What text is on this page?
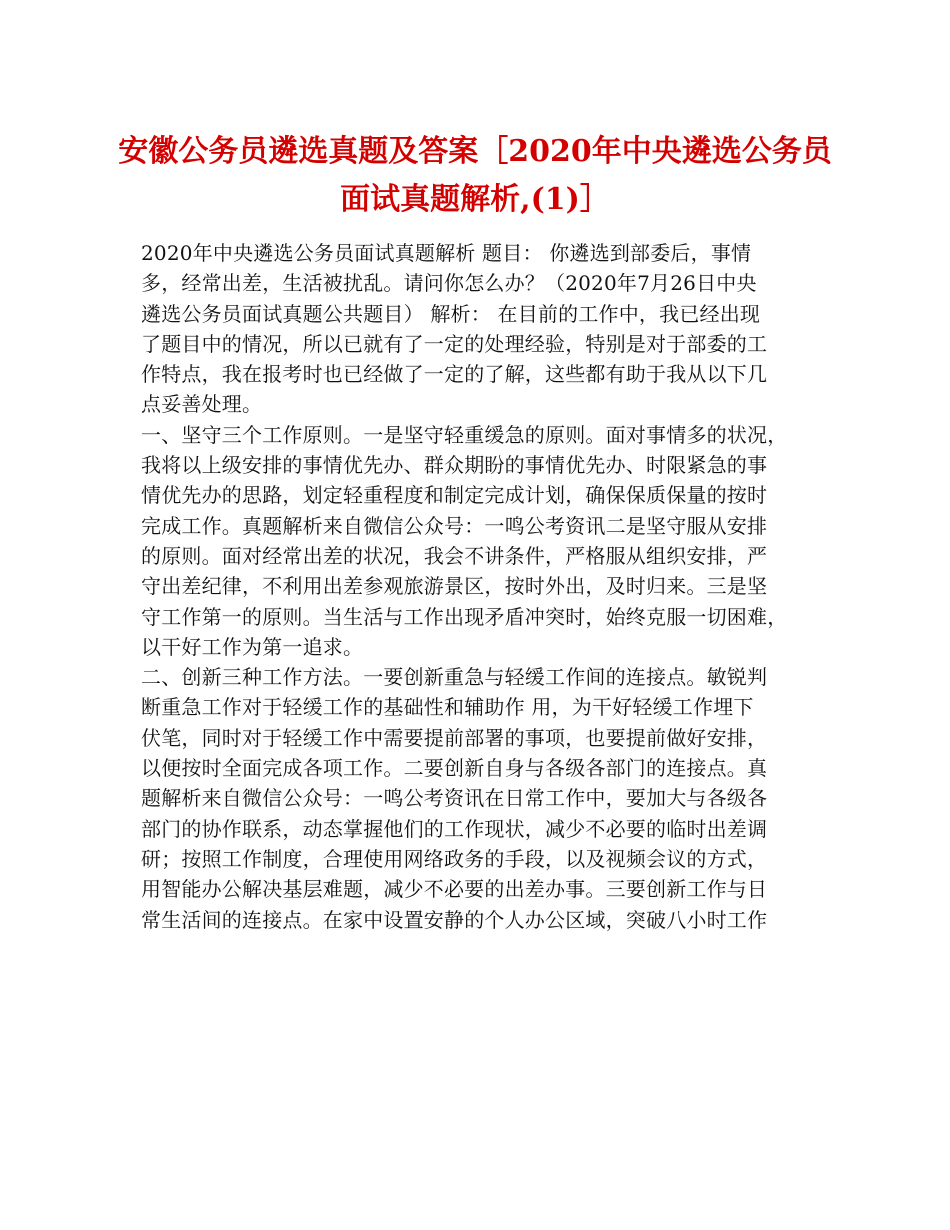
安徽公务员遴选真题及答案［2020年中央遴选公务员
面试真题解析,(1)］
2020年中央遴选公务员面试真题解析 题目： 你遴选到部委后，事情
多，经常出差，生活被扰乱。请问你怎么办？（2020年7月26日中央
遴选公务员面试真题公共题目） 解析： 在目前的工作中，我已经出现
了题目中的情况，所以已就有了一定的处理经验，特别是对于部委的工
作特点，我在报考时也已经做了一定的了解，这些都有助于我从以下几
点妥善处理。
一、坚守三个工作原则。一是坚守轻重缓急的原则。面对事情多的状况，
我将以上级安排的事情优先办、群众期盼的事情优先办、时限紧急的事
情优先办的思路，划定轻重程度和制定完成计划，确保保质保量的按时
完成工作。真题解析来自微信公众号：一鸣公考资讯二是坚守服从安排
的原则。面对经常出差的状况，我会不讲条件，严格服从组织安排，严
守出差纪律，不利用出差参观旅游景区，按时外出，及时归来。三是坚
守工作第一的原则。当生活与工作出现矛盾冲突时，始终克服一切困难，
以干好工作为第一追求。
二、创新三种工作方法。一要创新重急与轻缓工作间的连接点。敏锐判
断重急工作对于轻缓工作的基础性和辅助作 用，为干好轻缓工作埋下
伏笔，同时对于轻缓工作中需要提前部署的事项，也要提前做好安排，
以便按时全面完成各项工作。二要创新自身与各级各部门的连接点。真
题解析来自微信公众号：一鸣公考资讯在日常工作中，要加大与各级各
部门的协作联系，动态掌握他们的工作现状，减少不必要的临时出差调
研；按照工作制度，合理使用网络政务的手段，以及视频会议的方式，
用智能办公解决基层难题，减少不必要的出差办事。三要创新工作与日
常生活间的连接点。在家中设置安静的个人办公区域，突破八小时工作
